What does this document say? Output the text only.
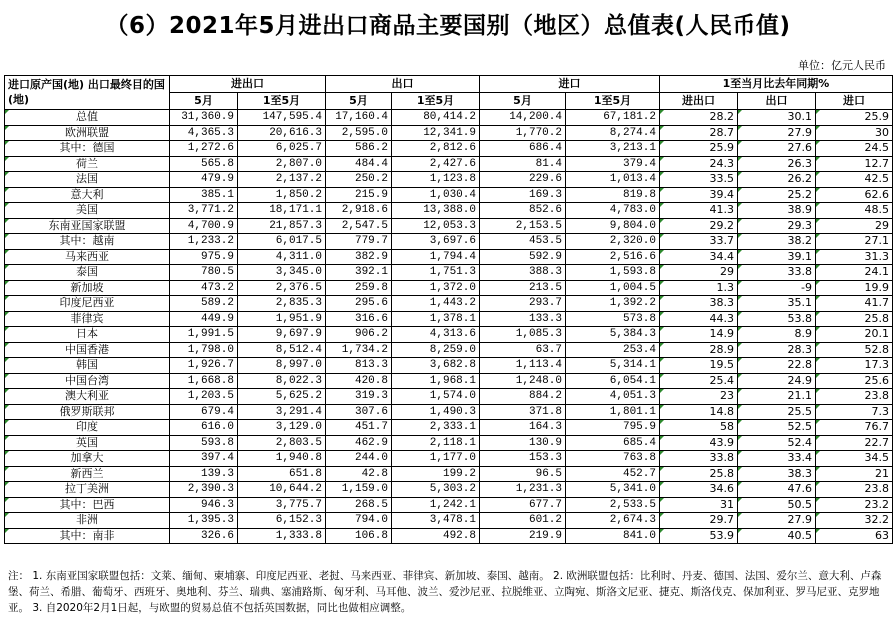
（6）2021年5月进出口商品主要国别（地区）总值表(人民币值)
单位：亿元人民币
进口原产国(地) 出口最终目的国(地)	进出口		出口		进口		1至当月比去年同期%		
	5月	1至5月	5月	1至5月	5月	1至5月	进出口	出口	进口
总值	31,360.9	147,595.4	17,160.4	80,414.2	14,200.4	67,181.2	28.2	30.1	25.9
欧洲联盟	4,365.3	20,616.3	2,595.0	12,341.9	1,770.2	8,274.4	28.7	27.9	30
其中：德国	1,272.6	6,025.7	586.2	2,812.6	686.4	3,213.1	25.9	27.6	24.5
荷兰	565.8	2,807.0	484.4	2,427.6	81.4	379.4	24.3	26.3	12.7
法国	479.9	2,137.2	250.2	1,123.8	229.6	1,013.4	33.5	26.2	42.5
意大利	385.1	1,850.2	215.9	1,030.4	169.3	819.8	39.4	25.2	62.6
美国	3,771.2	18,171.1	2,918.6	13,388.0	852.6	4,783.0	41.3	38.9	48.5
东南亚国家联盟	4,700.9	21,857.3	2,547.5	12,053.3	2,153.5	9,804.0	29.2	29.3	29
其中：越南	1,233.2	6,017.5	779.7	3,697.6	453.5	2,320.0	33.7	38.2	27.1
马来西亚	975.9	4,311.0	382.9	1,794.4	592.9	2,516.6	34.4	39.1	31.3
泰国	780.5	3,345.0	392.1	1,751.3	388.3	1,593.8	29	33.8	24.1
新加坡	473.2	2,376.5	259.8	1,372.0	213.5	1,004.5	1.3	-9	19.9
印度尼西亚	589.2	2,835.3	295.6	1,443.2	293.7	1,392.2	38.3	35.1	41.7
菲律宾	449.9	1,951.9	316.6	1,378.1	133.3	573.8	44.3	53.8	25.8
日本	1,991.5	9,697.9	906.2	4,313.6	1,085.3	5,384.3	14.9	8.9	20.1
中国香港	1,798.0	8,512.4	1,734.2	8,259.0	63.7	253.4	28.9	28.3	52.8
韩国	1,926.7	8,997.0	813.3	3,682.8	1,113.4	5,314.1	19.5	22.8	17.3
中国台湾	1,668.8	8,022.3	420.8	1,968.1	1,248.0	6,054.1	25.4	24.9	25.6
澳大利亚	1,203.5	5,625.2	319.3	1,574.0	884.2	4,051.3	23	21.1	23.8
俄罗斯联邦	679.4	3,291.4	307.6	1,490.3	371.8	1,801.1	14.8	25.5	7.3
印度	616.0	3,129.0	451.7	2,333.1	164.3	795.9	58	52.5	76.7
英国	593.8	2,803.5	462.9	2,118.1	130.9	685.4	43.9	52.4	22.7
加拿大	397.4	1,940.8	244.0	1,177.0	153.3	763.8	33.8	33.4	34.5
新西兰	139.3	651.8	42.8	199.2	96.5	452.7	25.8	38.3	21
拉丁美洲	2,390.3	10,644.2	1,159.0	5,303.2	1,231.3	5,341.0	34.6	47.6	23.8
其中：巴西	946.3	3,775.7	268.5	1,242.1	677.7	2,533.5	31	50.5	23.2
非洲	1,395.3	6,152.3	794.0	3,478.1	601.2	2,674.3	29.7	27.9	32.2
其中：南非	326.6	1,333.8	106.8	492.8	219.9	841.0	53.9	40.5	63
注： 1. 东南亚国家联盟包括：文莱、缅甸、柬埔寨、印度尼西亚、老挝、马来西亚、菲律宾、新加坡、泰国、越南。 2. 欧洲联盟包括：比利时、丹麦、德国、法国、爱尔兰、意大利、卢森堡、荷兰、希腊、葡萄牙、西班牙、奥地利、芬兰、瑞典、塞浦路斯、匈牙利、马耳他、波兰、爱沙尼亚、拉脱维亚、立陶宛、斯洛文尼亚、捷克、斯洛伐克、保加利亚、罗马尼亚、克罗地亚。 3. 自2020年2月1日起，与欧盟的贸易总值不包括英国数据，同比也做相应调整。
